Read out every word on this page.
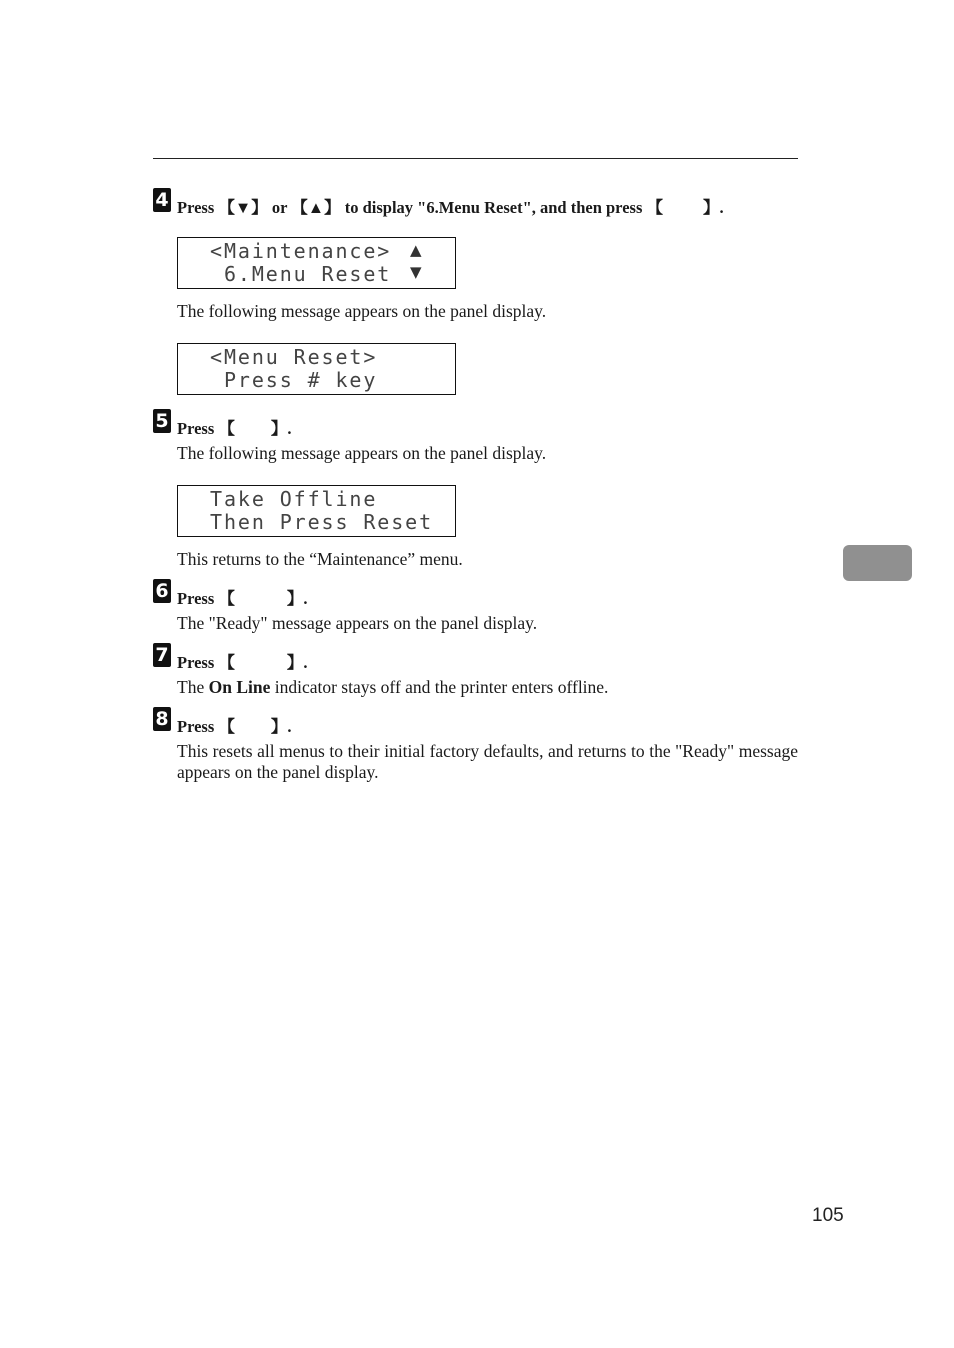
4 Press 【▼】 or 【▲】 to display "6.Menu Reset", and then press 【 】.
<Maintenance>
6.Menu Reset
▲
▼
The following message appears on the panel display.
<Menu Reset>
Press # key
5 Press 【 】.
The following message appears on the panel display.
Take Offline
Then Press Reset
This returns to the “Maintenance” menu.
6 Press 【	】.
The "Ready" message appears on the panel display.
7 Press 【	】.
The On Line indicator stays off and the printer enters offline.
8 Press 【 】.
This resets all menus to their initial factory defaults, and returns to the "Ready" message appears on the panel display.
105
